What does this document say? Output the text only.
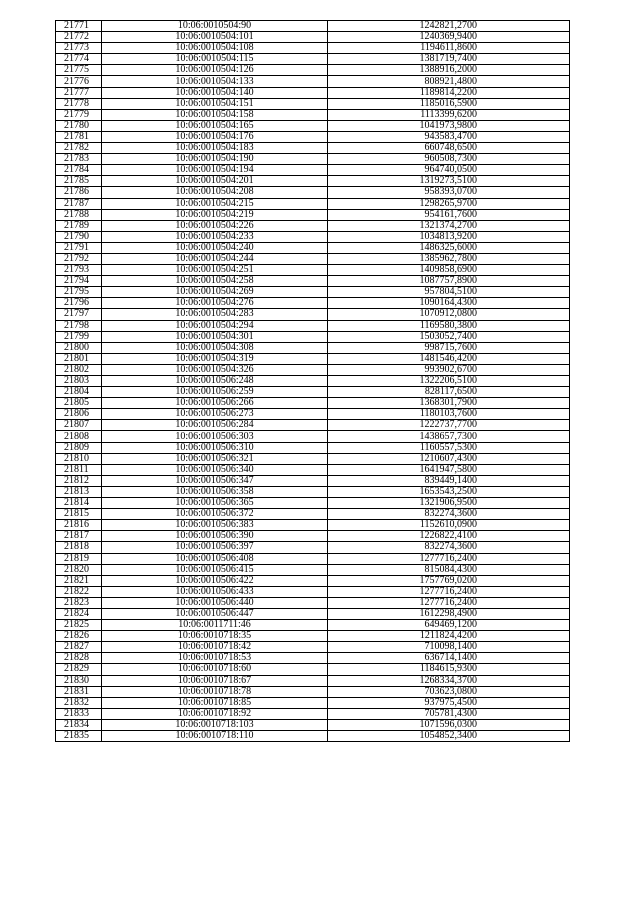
21771	10:06:0010504:90	1242821,2700
21772	10:06:0010504:101	1240369,9400
21773	10:06:0010504:108	1194611,8600
21774	10:06:0010504:115	1381719,7400
21775	10:06:0010504:126	1388916,2000
21776	10:06:0010504:133	808921,4800
21777	10:06:0010504:140	1189814,2200
21778	10:06:0010504:151	1185016,5900
21779	10:06:0010504:158	1113399,6200
21780	10:06:0010504:165	1041973,9800
21781	10:06:0010504:176	943583,4700
21782	10:06:0010504:183	660748,6500
21783	10:06:0010504:190	960508,7300
21784	10:06:0010504:194	964740,0500
21785	10:06:0010504:201	1319273,5100
21786	10:06:0010504:208	958393,0700
21787	10:06:0010504:215	1298265,9700
21788	10:06:0010504:219	954161,7600
21789	10:06:0010504:226	1321374,2700
21790	10:06:0010504:233	1034813,9200
21791	10:06:0010504:240	1486325,6000
21792	10:06:0010504:244	1385962,7800
21793	10:06:0010504:251	1409858,6900
21794	10:06:0010504:258	1087757,8900
21795	10:06:0010504:269	957804,5100
21796	10:06:0010504:276	1090164,4300
21797	10:06:0010504:283	1070912,0800
21798	10:06:0010504:294	1169580,3800
21799	10:06:0010504:301	1503052,7400
21800	10:06:0010504:308	998715,7600
21801	10:06:0010504:319	1481546,4200
21802	10:06:0010504:326	993902,6700
21803	10:06:0010506:248	1322206,5100
21804	10:06:0010506:259	828117,6500
21805	10:06:0010506:266	1368301,7900
21806	10:06:0010506:273	1180103,7600
21807	10:06:0010506:284	1222737,7700
21808	10:06:0010506:303	1438657,7300
21809	10:06:0010506:310	1160557,5300
21810	10:06:0010506:321	1210607,4300
21811	10:06:0010506:340	1641947,5800
21812	10:06:0010506:347	839449,1400
21813	10:06:0010506:358	1653543,2500
21814	10:06:0010506:365	1321906,9500
21815	10:06:0010506:372	832274,3600
21816	10:06:0010506:383	1152610,0900
21817	10:06:0010506:390	1226822,4100
21818	10:06:0010506:397	832274,3600
21819	10:06:0010506:408	1277716,2400
21820	10:06:0010506:415	815084,4300
21821	10:06:0010506:422	1757769,0200
21822	10:06:0010506:433	1277716,2400
21823	10:06:0010506:440	1277716,2400
21824	10:06:0010506:447	1612298,4900
21825	10:06:0011711:46	649469,1200
21826	10:06:0010718:35	1211824,4200
21827	10:06:0010718:42	710098,1400
21828	10:06:0010718:53	636714,1400
21829	10:06:0010718:60	1184615,9300
21830	10:06:0010718:67	1268334,3700
21831	10:06:0010718:78	703623,0800
21832	10:06:0010718:85	937975,4500
21833	10:06:0010718:92	705781,4300
21834	10:06:0010718:103	1071596,0300
21835	10:06:0010718:110	1054852,3400
